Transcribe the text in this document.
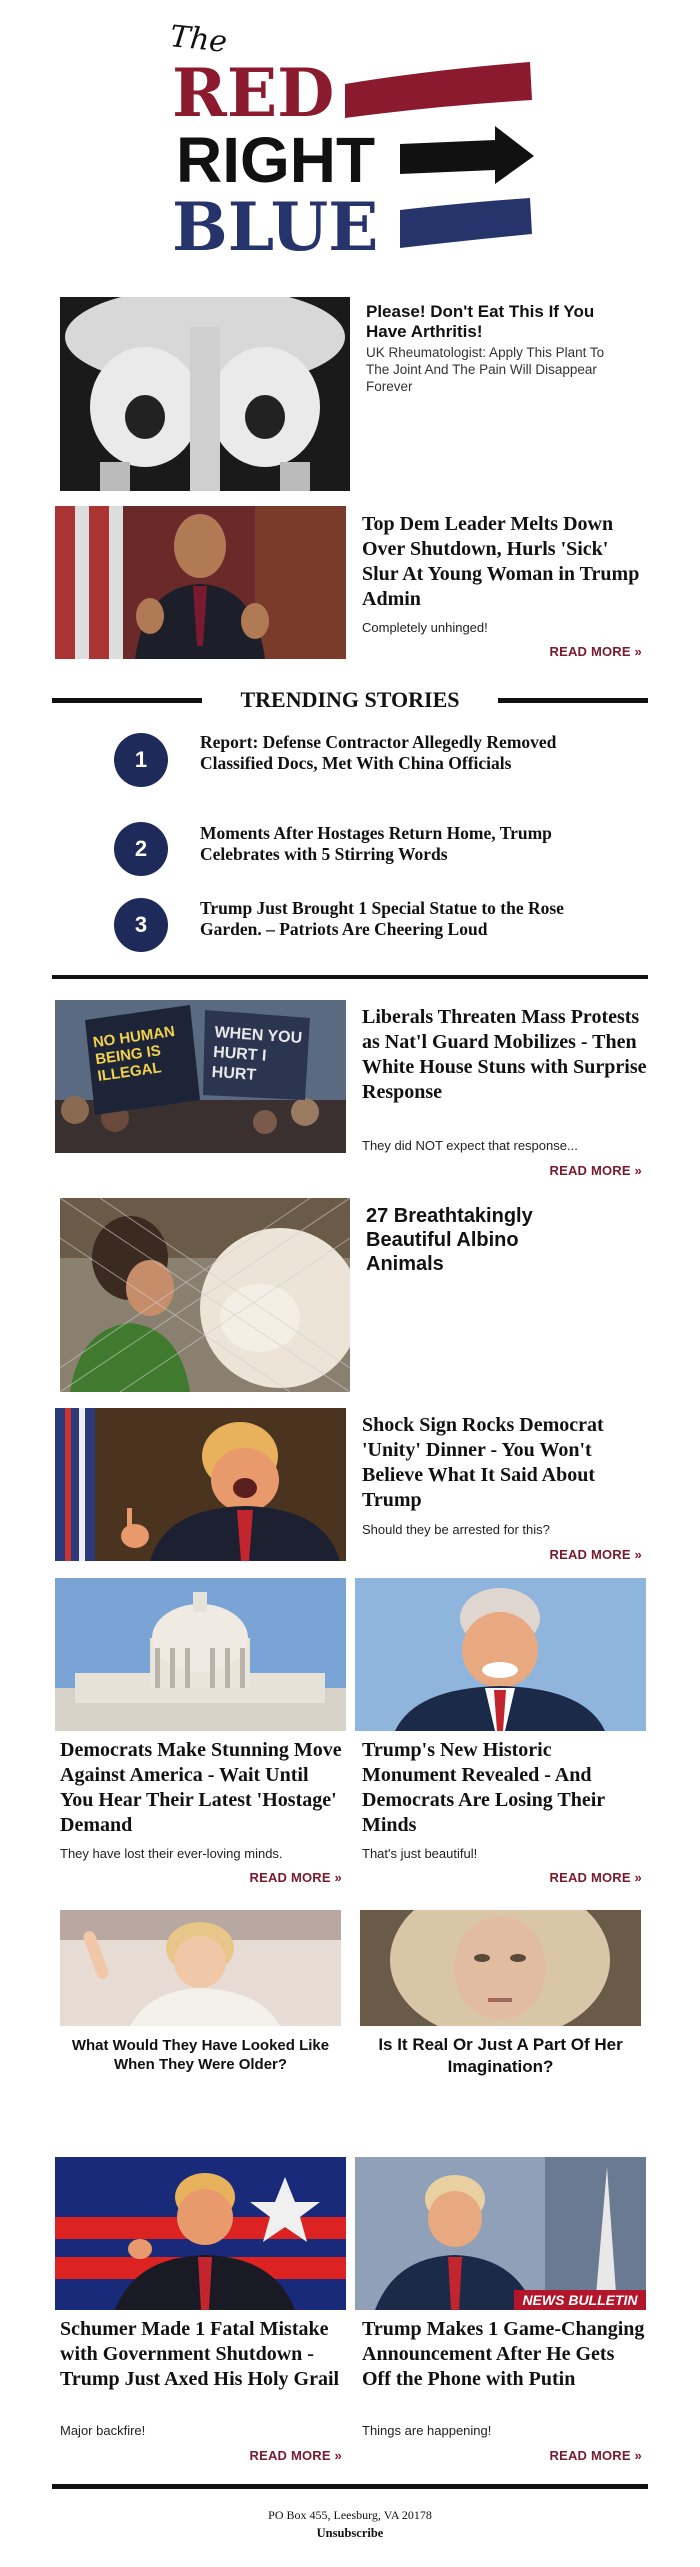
The
RED
RIGHT
BLUE
Please! Don't Eat This If You Have Arthritis!
UK Rheumatologist: Apply This Plant To The Joint And The Pain Will Disappear Forever
Top Dem Leader Melts Down Over Shutdown, Hurls 'Sick' Slur At Young Woman in Trump Admin
Completely unhinged!
READ MORE »
TRENDING STORIES
1
Report: Defense Contractor Allegedly Removed Classified Docs, Met With China Officials
2
Moments After Hostages Return Home, Trump Celebrates with 5 Stirring Words
3
Trump Just Brought 1 Special Statue to the Rose Garden. – Patriots Are Cheering Loud
NO HUMAN BEING IS ILLEGAL
WHEN YOU HURT I HURT
Liberals Threaten Mass Protests as Nat'l Guard Mobilizes - Then White House Stuns with Surprise Response
They did NOT expect that response...
READ MORE »
27 Breathtakingly Beautiful Albino Animals
Shock Sign Rocks Democrat 'Unity' Dinner - You Won't Believe What It Said About Trump
Should they be arrested for this?
READ MORE »
Democrats Make Stunning Move Against America - Wait Until You Hear Their Latest 'Hostage' Demand
They have lost their ever-loving minds.
READ MORE »
Trump's New Historic Monument Revealed - And Democrats Are Losing Their Minds
That's just beautiful!
READ MORE »
What Would They Have Looked Like When They Were Older?
Is It Real Or Just A Part Of Her Imagination?
NEWS BULLETIN
Schumer Made 1 Fatal Mistake with Government Shutdown - Trump Just Axed His Holy Grail
Major backfire!
READ MORE »
Trump Makes 1 Game-Changing Announcement After He Gets Off the Phone with Putin
Things are happening!
READ MORE »
PO Box 455, Leesburg, VA 20178
Unsubscribe
